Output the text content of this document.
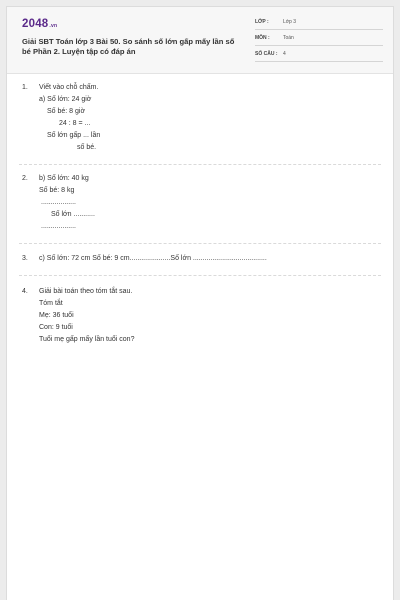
2048.vn
Giải SBT Toán lớp 3 Bài 50. So sánh số lớn gấp mấy lần số bé Phần 2. Luyện tập có đáp án
LỚP :	Lớp 3
MÔN :	Toán
SỐ CÂU : 4
1. Viết vào chỗ chấm.
a) Số lớn: 24 giờ
Số bé: 8 giờ
24 : 8 = ...
Số lớn gấp ... lần
số bé.
2. b) Số lớn: 40 kg
Số bé: 8 kg
..................
Số lớn ...........
..................
3. c) Số lớn: 72 cm Số bé: 9 cm.....................Số lớn ......................................
4. Giải bài toán theo tóm tắt sau.
Tóm tắt
Mẹ: 36 tuổi
Con: 9 tuổi
Tuổi mẹ gấp mấy lần tuổi con?
